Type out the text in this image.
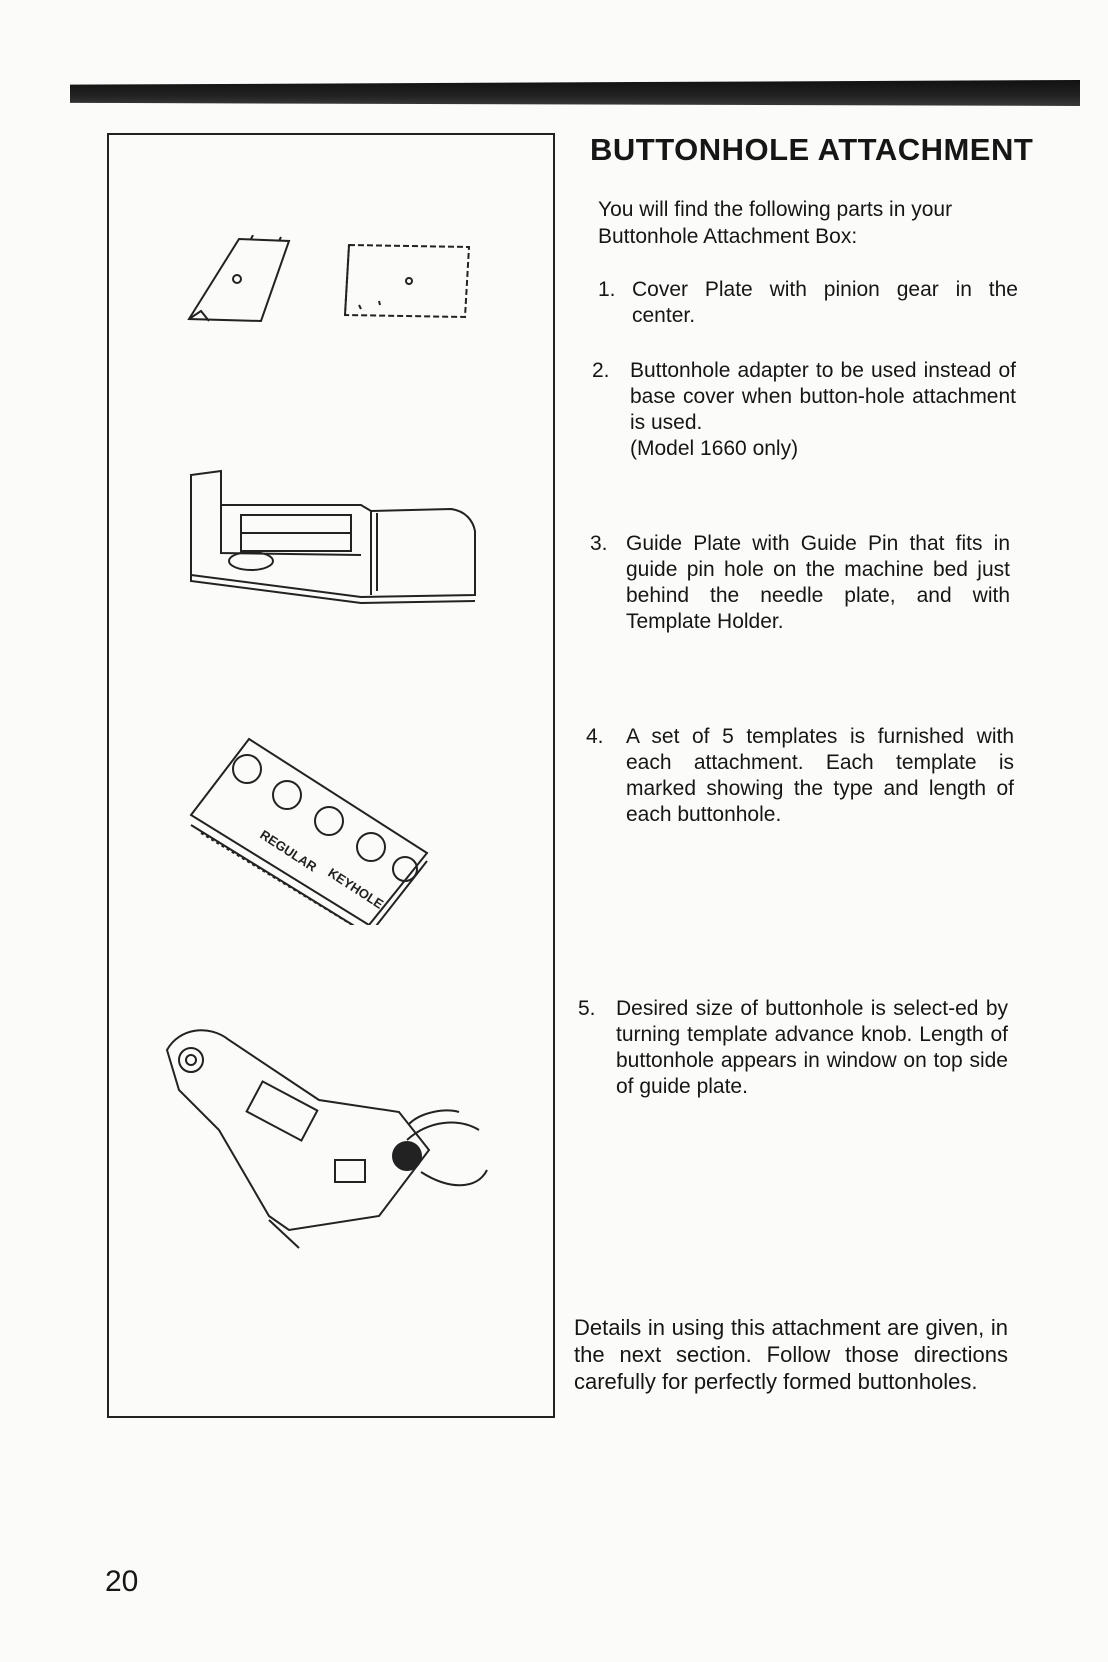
REGULAR
KEYHOLE
BUTTONHOLE ATTACHMENT
You will find the following parts in your Buttonhole Attachment Box:
1. Cover Plate with pinion gear in the center.
2. Buttonhole adapter to be used instead of base cover when button-hole attachment is used.
(Model 1660 only)
3. Guide Plate with Guide Pin that fits in guide pin hole on the machine bed just behind the needle plate, and with Template Holder.
4. A set of 5 templates is furnished with each attachment. Each template is marked showing the type and length of each buttonhole.
5. Desired size of buttonhole is select-ed by turning template advance knob. Length of buttonhole appears in window on top side of guide plate.
Details in using this attachment are given, in the next section. Follow those directions carefully for perfectly formed buttonholes.
20
